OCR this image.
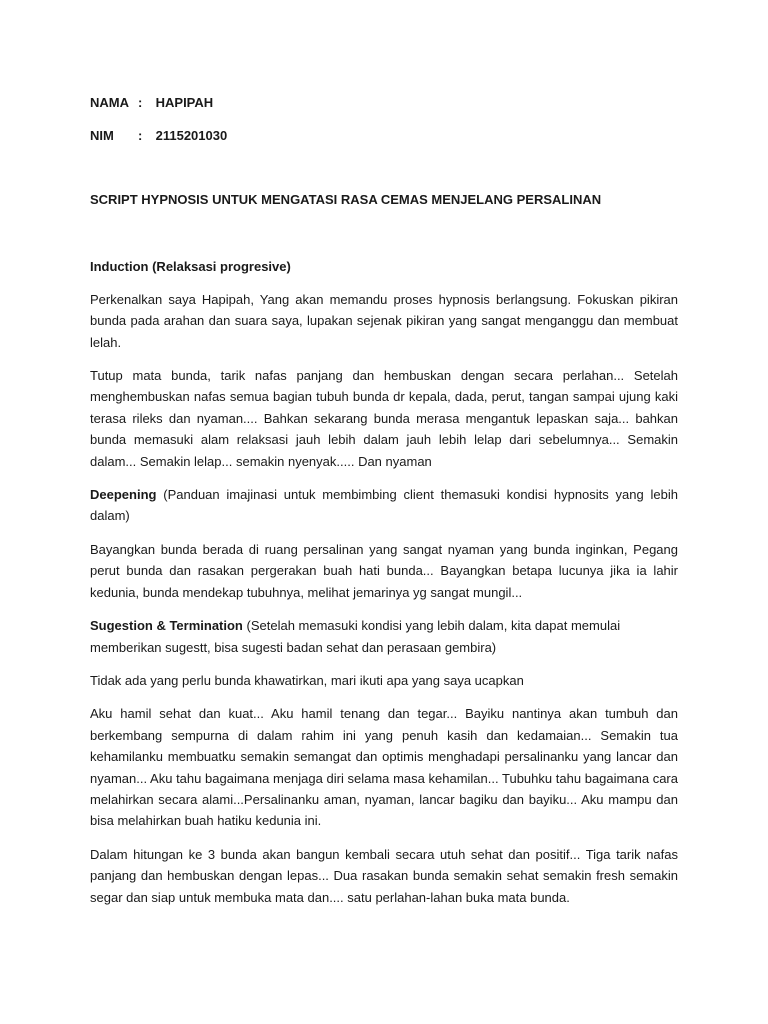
NAMA : HAPIPAH
NIM : 2115201030
SCRIPT HYPNOSIS UNTUK MENGATASI RASA CEMAS MENJELANG PERSALINAN
Induction (Relaksasi progresive)

Perkenalkan saya Hapipah, Yang akan memandu proses hypnosis berlangsung. Fokuskan pikiran bunda pada arahan dan suara saya, lupakan sejenak pikiran yang sangat menganggu dan membuat lelah.

Tutup mata bunda, tarik nafas panjang dan hembuskan dengan secara perlahan... Setelah menghembuskan nafas semua bagian tubuh bunda dr kepala, dada, perut, tangan sampai ujung kaki terasa rileks dan nyaman.... Bahkan sekarang bunda merasa mengantuk lepaskan saja... bahkan bunda memasuki alam relaksasi jauh lebih dalam jauh lebih lelap dari sebelumnya... Semakin dalam... Semakin lelap... semakin nyenyak..... Dan nyaman

Deepening (Panduan imajinasi untuk membimbing client themasuki kondisi hypnosits yang lebih dalam)

Bayangkan bunda berada di ruang persalinan yang sangat nyaman yang bunda inginkan, Pegang perut bunda dan rasakan pergerakan buah hati bunda... Bayangkan betapa lucunya jika ia lahir kedunia, bunda mendekap tubuhnya, melihat jemarinya yg sangat mungil...

Sugestion & Termination (Setelah memasuki kondisi yang lebih dalam, kita dapat memulai memberikan sugestt, bisa sugesti badan sehat dan perasaan gembira)

Tidak ada yang perlu bunda khawatirkan, mari ikuti apa yang saya ucapkan

Aku hamil sehat dan kuat... Aku hamil tenang dan tegar... Bayiku nantinya akan tumbuh dan berkembang sempurna di dalam rahim ini yang penuh kasih dan kedamaian... Semakin tua kehamilanku membuatku semakin semangat dan optimis menghadapi persalinanku yang lancar dan nyaman... Aku tahu bagaimana menjaga diri selama masa kehamilan... Tubuhku tahu bagaimana cara melahirkan secara alami...Persalinanku aman, nyaman, lancar bagiku dan bayiku... Aku mampu dan bisa melahirkan buah hatiku kedunia ini.

Dalam hitungan ke 3 bunda akan bangun kembali secara utuh sehat dan positif... Tiga tarik nafas panjang dan hembuskan dengan lepas... Dua rasakan bunda semakin sehat semakin fresh semakin segar dan siap untuk membuka mata dan.... satu perlahan-lahan buka mata bunda.
